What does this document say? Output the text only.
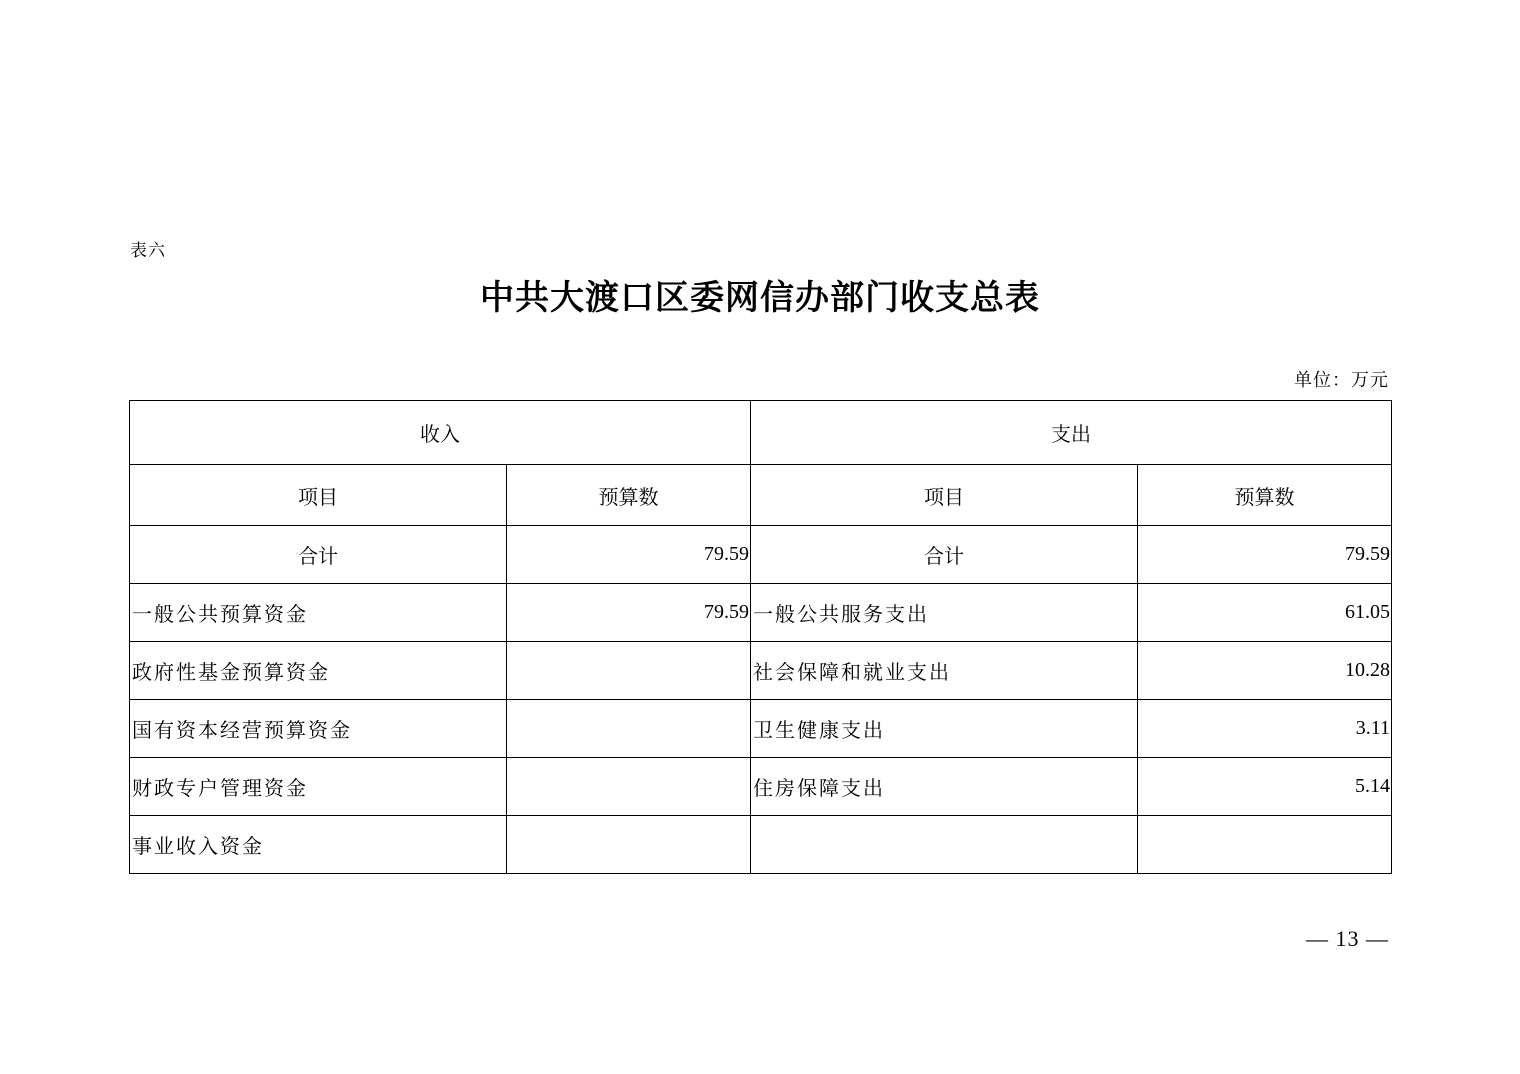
表六
中共大渡口区委网信办部门收支总表
单位：万元
收入		支出	
项目	预算数	项目	预算数
合计	79.59	合计	79.59
一般公共预算资金	79.59	一般公共服务支出	61.05
政府性基金预算资金		社会保障和就业支出	10.28
国有资本经营预算资金		卫生健康支出	3.11
财政专户管理资金		住房保障支出	5.14
事业收入资金			
— 13 —
